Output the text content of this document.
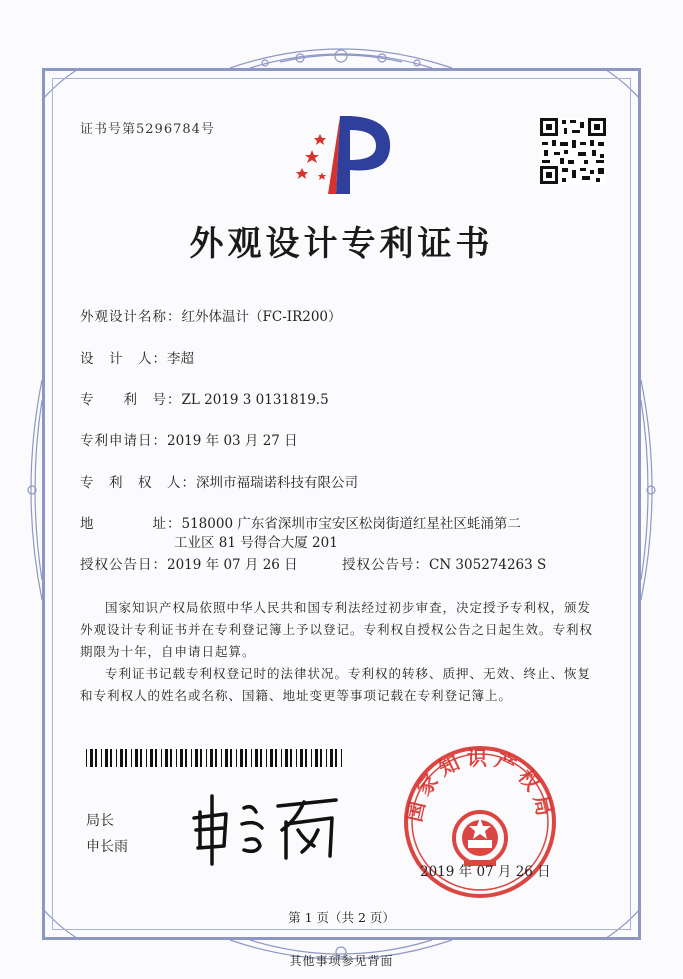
证书号第5296784号
外观设计专利证书
外观设计名称：红外体温计（FC-IR200）
设　计　人：李超
专　　利　号：ZL 2019 3 0131819.5
专利申请日：2019 年 03 月 27 日
专　利　权　人：深圳市福瑞诺科技有限公司
地　　　　址：518000 广东省深圳市宝安区松岗街道红星社区蚝涌第二
工业区 81 号得合大厦 201
授权公告日：2019 年 07 月 26 日	授权公告号：CN 305274263 S

国家知识产权局依照中华人民共和国专利法经过初步审查，决定授予专利权，颁发外观设计专利证书并在专利登记簿上予以登记。专利权自授权公告之日起生效。专利权期限为十年，自申请日起算。

专利证书记载专利权登记时的法律状况。专利权的转移、质押、无效、终止、恢复和专利权人的姓名或名称、国籍、地址变更等事项记载在专利登记簿上。

局长
申长雨
国家知识产权局
2019 年 07 月 26 日
第 1 页（共 2 页）
其他事项参见背面
